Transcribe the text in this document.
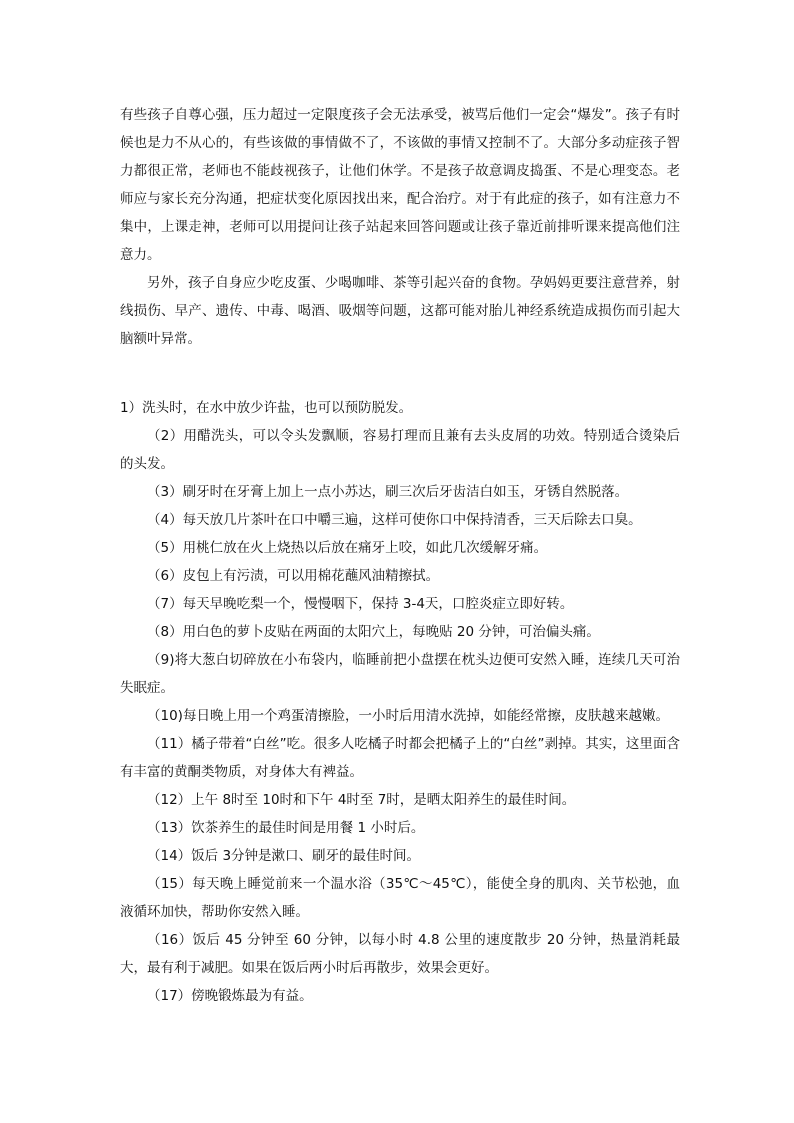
有些孩子自尊心强，压力超过一定限度孩子会无法承受，被骂后他们一定会“爆发”。孩子有时候也是力不从心的，有些该做的事情做不了，不该做的事情又控制不了。大部分多动症孩子智力都很正常，老师也不能歧视孩子，让他们休学。不是孩子故意调皮捣蛋、不是心理变态。老师应与家长充分沟通，把症状变化原因找出来，配合治疗。对于有此症的孩子，如有注意力不集中，上课走神，老师可以用提问让孩子站起来回答问题或让孩子靠近前排听课来提高他们注意力。

另外，孩子自身应少吃皮蛋、少喝咖啡、茶等引起兴奋的食物。孕妈妈更要注意营养，射线损伤、早产、遗传、中毒、喝酒、吸烟等问题，这都可能对胎儿神经系统造成损伤而引起大脑额叶异常。

1）洗头时，在水中放少许盐，也可以预防脱发。

（2）用醋洗头，可以令头发飘顺，容易打理而且兼有去头皮屑的功效。特别适合烫染后的头发。

（3）刷牙时在牙膏上加上一点小苏达，刷三次后牙齿洁白如玉，牙锈自然脱落。

（4）每天放几片茶叶在口中嚼三遍，这样可使你口中保持清香，三天后除去口臭。

（5）用桃仁放在火上烧热以后放在痛牙上咬，如此几次缓解牙痛。

（6）皮包上有污渍，可以用棉花蘸风油精擦拭。

（7）每天早晚吃梨一个，慢慢咽下，保持 3-4天，口腔炎症立即好转。

（8）用白色的萝卜皮贴在两面的太阳穴上，每晚贴 20 分钟，可治偏头痛。

（9)将大葱白切碎放在小布袋内，临睡前把小盘摆在枕头边便可安然入睡，连续几天可治失眠症。

（10)每日晚上用一个鸡蛋清擦脸，一小时后用清水洗掉，如能经常擦，皮肤越来越嫩。

（11）橘子带着“白丝”吃。很多人吃橘子时都会把橘子上的“白丝”剥掉。其实，这里面含有丰富的黄酮类物质，对身体大有裨益。

（12）上午 8时至 10时和下午 4时至 7时，是晒太阳养生的最佳时间。

（13）饮茶养生的最佳时间是用餐 1 小时后。

（14）饭后 3分钟是漱口、刷牙的最佳时间。

（15）每天晚上睡觉前来一个温水浴（35℃～45℃），能使全身的肌肉、关节松弛，血液循环加快，帮助你安然入睡。

（16）饭后 45 分钟至 60 分钟，以每小时 4.8 公里的速度散步 20 分钟，热量消耗最大，最有利于减肥。如果在饭后两小时后再散步，效果会更好。

（17）傍晚锻炼最为有益。
